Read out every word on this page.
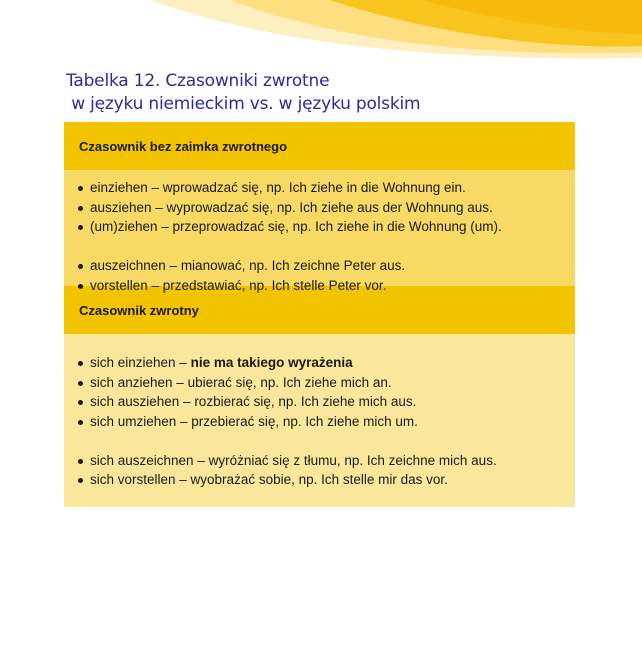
Tabelka 12. Czasowniki zwrotne
w języku niemieckim vs. w języku polskim
Czasownik bez zaimka zwrotnego
einziehen – wprowadzać się, np. Ich ziehe in die Wohnung ein.
ausziehen – wyprowadzać się, np. Ich ziehe aus der Wohnung aus.
(um)ziehen – przeprowadzać się, np. Ich ziehe in die Wohnung (um).
auszeichnen – mianować, np. Ich zeichne Peter aus.
vorstellen – przedstawiać, np. Ich stelle Peter vor.
Czasownik zwrotny
sich einziehen – nie ma takiego wyrażenia
sich anziehen – ubierać się, np. Ich ziehe mich an.
sich ausziehen – rozbierać się, np. Ich ziehe mich aus.
sich umziehen – przebierać się, np. Ich ziehe mich um.
sich auszeichnen – wyróżniać się z tłumu, np. Ich zeichne mich aus.
sich vorstellen – wyobrażać sobie, np. Ich stelle mir das vor.
